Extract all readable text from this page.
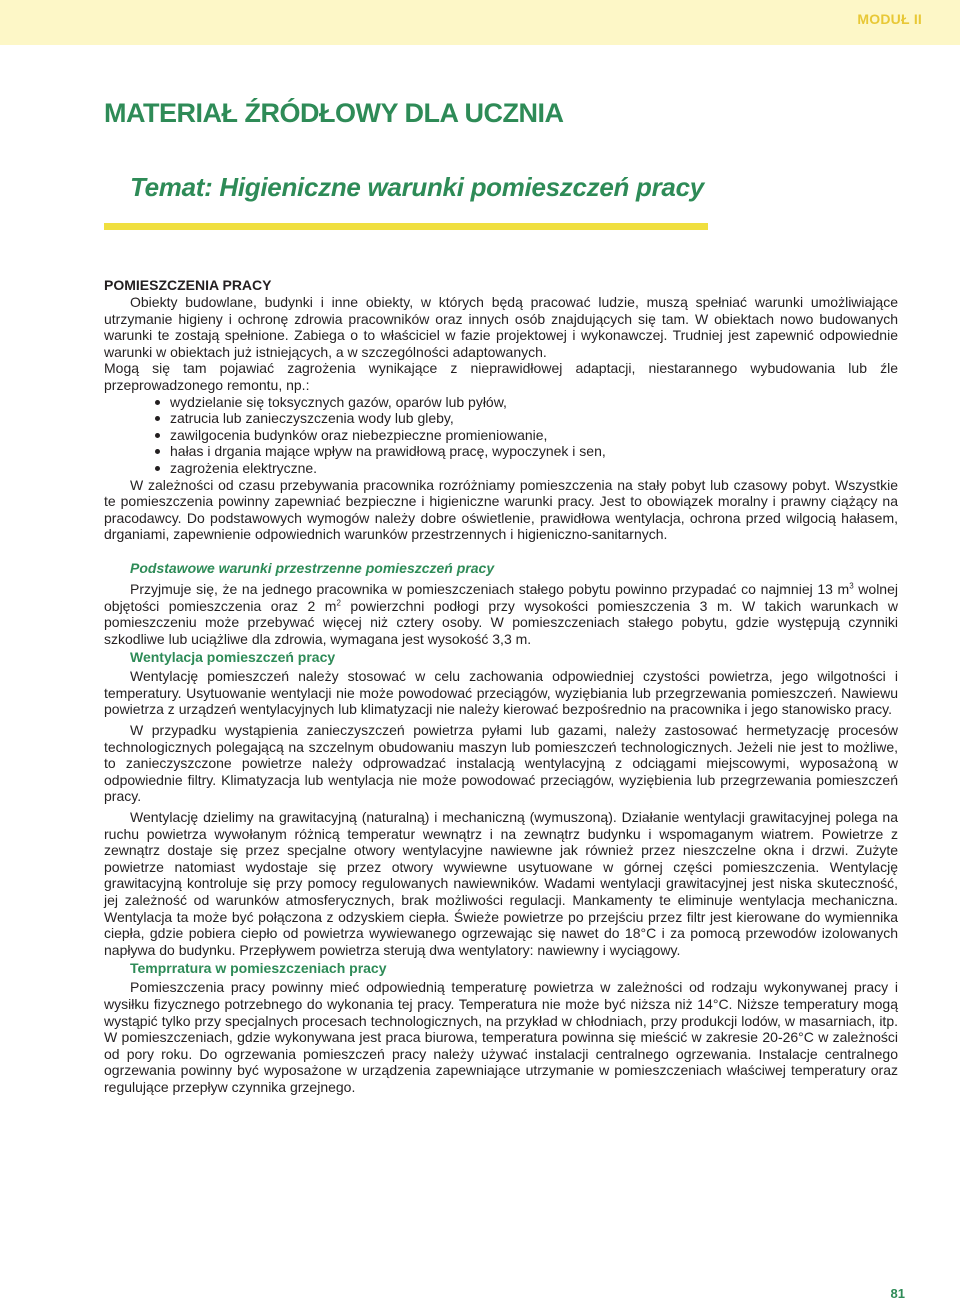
MODUŁ II
MATERIAŁ ŹRÓDŁOWY DLA UCZNIA
Temat: Higieniczne warunki pomieszczeń pracy
POMIESZCZENIA PRACY

Obiekty budowlane, budynki i inne obiekty, w których będą pracować ludzie, muszą spełniać warunki umożliwiające utrzymanie higieny i ochronę zdrowia pracowników oraz innych osób znajdujących się tam. W obiektach nowo budowanych warunki te zostają spełnione. Zabiega o to właściciel w fazie projektowej i wykonawczej. Trudniej jest zapewnić odpowiednie warunki w obiektach już istniejących, a w szczególności adaptowanych.

Mogą się tam pojawiać zagrożenia wynikające z nieprawidłowej adaptacji, niestarannego wybudowania lub źle przeprowadzonego remontu, np.:

wydzielanie się toksycznych gazów, oparów lub pyłów,
zatrucia lub zanieczyszczenia wody lub gleby,
zawilgocenia budynków oraz niebezpieczne promieniowanie,
hałas i drgania mające wpływ na prawidłową pracę, wypoczynek i sen,
zagrożenia elektryczne.

W zależności od czasu przebywania pracownika rozróżniamy pomieszczenia na stały pobyt lub czasowy pobyt. Wszystkie te pomieszczenia powinny zapewniać bezpieczne i higieniczne warunki pracy. Jest to obowiązek moralny i prawny ciążący na pracodawcy. Do podstawowych wymogów należy dobre oświetlenie, prawidłowa wentylacja, ochrona przed wilgocią hałasem, drganiami, zapewnienie odpowiednich warunków przestrzennych i higieniczno-sanitarnych.

Podstawowe warunki przestrzenne pomieszczeń pracy

Przyjmuje się, że na jednego pracownika w pomieszczeniach stałego pobytu powinno przypadać co najmniej 13 $m^3$ wolnej objętości pomieszczenia oraz 2 $m^2$ powierzchni podłogi przy wysokości pomieszczenia 3 m. W takich warunkach w pomieszczeniu może przebywać więcej niż cztery osoby. W pomieszczeniach stałego pobytu, gdzie występują czynniki szkodliwe lub uciążliwe dla zdrowia, wymagana jest wysokość 3,3 m.

Wentylacja pomieszczeń pracy

Wentylację pomieszczeń należy stosować w celu zachowania odpowiedniej czystości powietrza, jego wilgotności i temperatury. Usytuowanie wentylacji nie może powodować przeciągów, wyziębiania lub przegrzewania pomieszczeń. Nawiewu powietrza z urządzeń wentylacyjnych lub klimatyzacji nie należy kierować bezpośrednio na pracownika i jego stanowisko pracy.

W przypadku wystąpienia zanieczyszczeń powietrza pyłami lub gazami, należy zastosować hermetyzację procesów technologicznych polegającą na szczelnym obudowaniu maszyn lub pomieszczeń technologicznych. Jeżeli nie jest to możliwe, to zanieczyszczone powietrze należy odprowadzać instalacją wentylacyjną z odciągami miejscowymi, wyposażoną w odpowiednie filtry. Klimatyzacja lub wentylacja nie może powodować przeciągów, wyziębienia lub przegrzewania pomieszczeń pracy.

Wentylację dzielimy na grawitacyjną (naturalną) i mechaniczną (wymuszoną). Działanie wentylacji grawitacyjnej polega na ruchu powietrza wywołanym różnicą temperatur wewnątrz i na zewnątrz budynku i wspomaganym wiatrem. Powietrze z zewnątrz dostaje się przez specjalne otwory wentylacyjne nawiewne jak również przez nieszczelne okna i drzwi. Zużyte powietrze natomiast wydostaje się przez otwory wywiewne usytuowane w górnej części pomieszczenia. Wentylację grawitacyjną kontroluje się przy pomocy regulowanych nawiewników. Wadami wentylacji grawitacyjnej jest niska skuteczność, jej zależność od warunków atmosferycznych, brak możliwości regulacji. Mankamenty te eliminuje wentylacja mechaniczna. Wentylacja ta może być połączona z odzyskiem ciepła. Świeże powietrze po przejściu przez filtr jest kierowane do wymiennika ciepła, gdzie pobiera ciepło od powietrza wywiewanego ogrzewając się nawet do 18°C i za pomocą przewodów izolowanych napływa do budynku. Przepływem powietrza sterują dwa wentylatory: nawiewny i wyciągowy.

Temprratura w pomieszczeniach pracy

Pomieszczenia pracy powinny mieć odpowiednią temperaturę powietrza w zależności od rodzaju wykonywanej pracy i wysiłku fizycznego potrzebnego do wykonania tej pracy. Temperatura nie może być niższa niż 14°C. Niższe temperatury mogą wystąpić tylko przy specjalnych procesach technologicznych, na przykład w chłodniach, przy produkcji lodów, w masarniach, itp. W pomieszczeniach, gdzie wykonywana jest praca biurowa, temperatura powinna się mieścić w zakresie 20-26°C w zależności od pory roku. Do ogrzewania pomieszczeń pracy należy używać instalacji centralnego ogrzewania. Instalacje centralnego ogrzewania powinny być wyposażone w urządzenia zapewniające utrzymanie w pomieszczeniach właściwej temperatury oraz regulujące przepływ czynnika grzejnego.

81
